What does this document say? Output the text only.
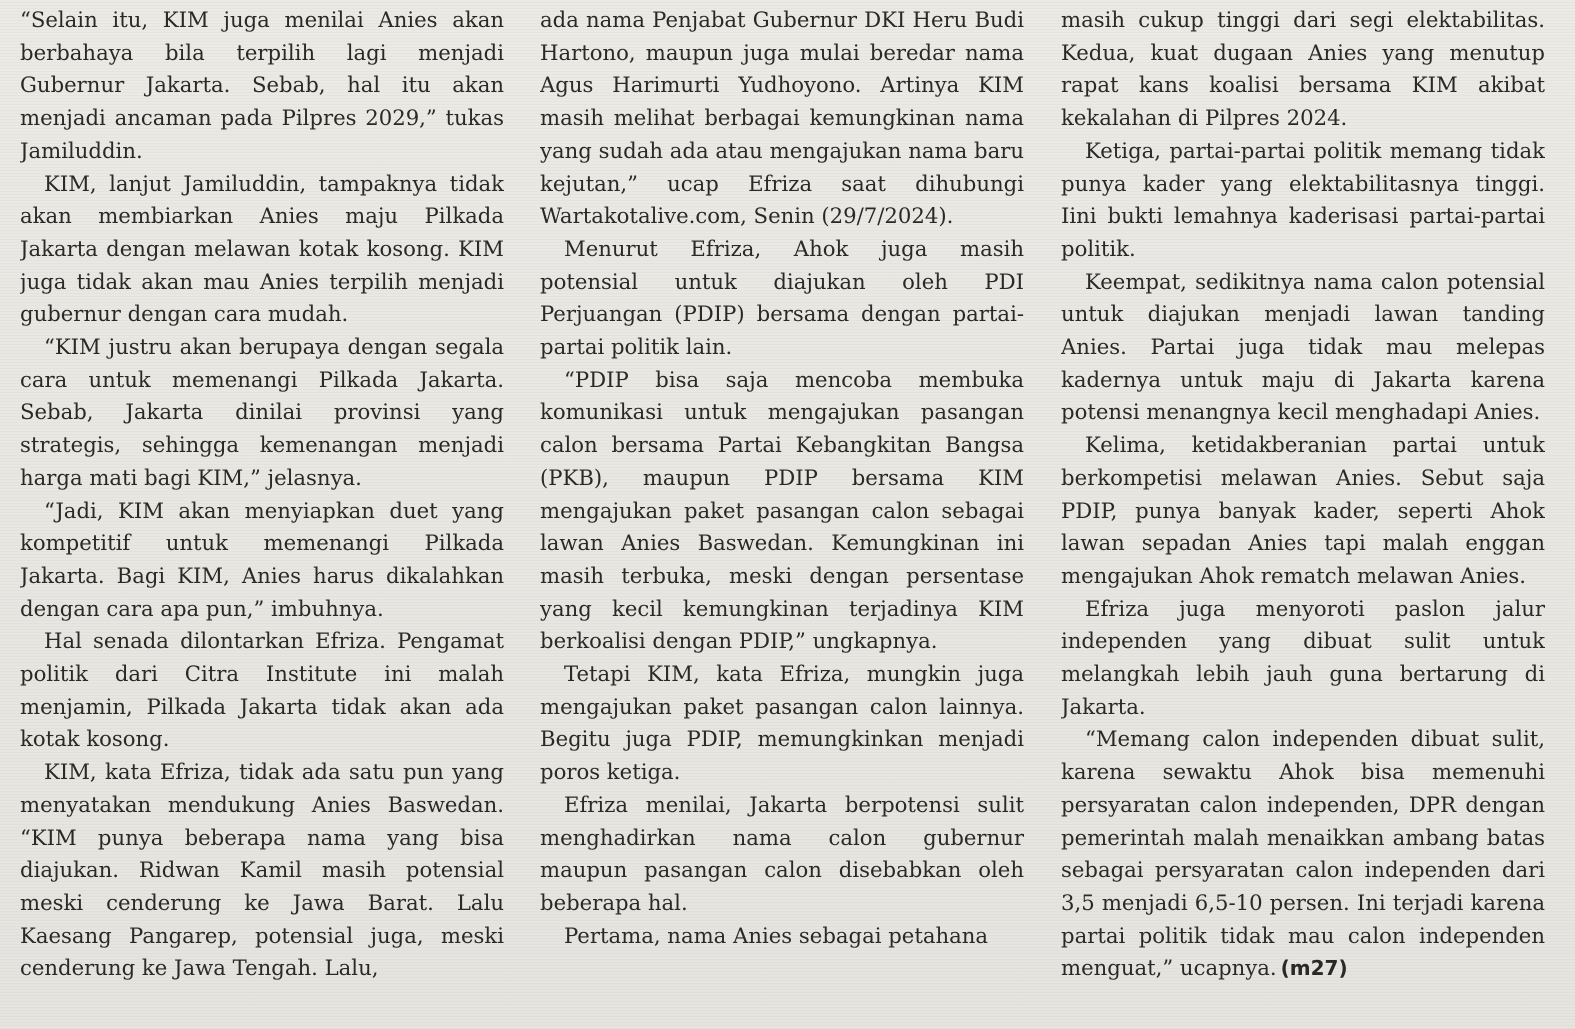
“Selain itu, KIM juga menilai Anies akan berbahaya bila terpilih lagi menjadi Gubernur Jakarta. Sebab, hal itu akan menjadi ancaman pada Pilpres 2029,” tukas Jamiluddin.

KIM, lanjut Jamiluddin, tampaknya tidak akan membiarkan Anies maju Pilkada Jakarta dengan melawan kotak kosong. KIM juga tidak akan mau Anies terpilih menjadi gubernur dengan cara mudah.

“KIM justru akan berupaya dengan segala cara untuk memenangi Pilkada Jakarta. Sebab, Jakarta dinilai provinsi yang strategis, sehingga kemenangan menjadi harga mati bagi KIM,” jelasnya.

“Jadi, KIM akan menyiapkan duet yang kompetitif untuk memenangi Pilkada Jakarta. Bagi KIM, Anies harus dikalahkan dengan cara apa pun,” imbuhnya.

Hal senada dilontarkan Efriza. Pengamat politik dari Citra Institute ini malah menjamin, Pilkada Jakarta tidak akan ada kotak kosong.

KIM, kata Efriza, tidak ada satu pun yang menyatakan mendukung Anies Baswedan. “KIM punya beberapa nama yang bisa diajukan. Ridwan Kamil masih potensial meski cenderung ke Jawa Barat. Lalu Kaesang Pangarep, potensial juga, meski cenderung ke Jawa Tengah. Lalu,

ada nama Penjabat Gubernur DKI Heru Budi Hartono, maupun juga mulai beredar nama Agus Harimurti Yudhoyono. Artinya KIM masih melihat berbagai kemungkinan nama yang sudah ada atau mengajukan nama baru kejutan,” ucap Efriza saat dihubungi Wartakotalive.com, Senin (29/7/2024).

Menurut Efriza, Ahok juga masih potensial untuk diajukan oleh PDI Perjuangan (PDIP) bersama dengan partai-partai politik lain.

“PDIP bisa saja mencoba membuka komunikasi untuk mengajukan pasangan calon bersama Partai Kebangkitan Bangsa (PKB), maupun PDIP bersama KIM mengajukan paket pasangan calon sebagai lawan Anies Baswedan. Kemungkinan ini masih terbuka, meski dengan persentase yang kecil kemungkinan terjadinya KIM berkoalisi dengan PDIP,” ungkapnya.

Tetapi KIM, kata Efriza, mungkin juga mengajukan paket pasangan calon lainnya. Begitu juga PDIP, memungkinkan menjadi poros ketiga.

Efriza menilai, Jakarta berpotensi sulit menghadirkan nama calon gubernur maupun pasangan calon disebabkan oleh beberapa hal.

Pertama, nama Anies sebagai petahana

masih cukup tinggi dari segi elektabilitas. Kedua, kuat dugaan Anies yang menutup rapat kans koalisi bersama KIM akibat kekalahan di Pilpres 2024.

Ketiga, partai-partai politik memang tidak punya kader yang elektabilitasnya tinggi. Iini bukti lemahnya kaderisasi partai-partai politik.

Keempat, sedikitnya nama calon potensial untuk diajukan menjadi lawan tanding Anies. Partai juga tidak mau melepas kadernya untuk maju di Jakarta karena potensi menangnya kecil menghadapi Anies.

Kelima, ketidakberanian partai untuk berkompetisi melawan Anies. Sebut saja PDIP, punya banyak kader, seperti Ahok lawan sepadan Anies tapi malah enggan mengajukan Ahok rematch melawan Anies.

Efriza juga menyoroti paslon jalur independen yang dibuat sulit untuk melangkah lebih jauh guna bertarung di Jakarta.

“Memang calon independen dibuat sulit, karena sewaktu Ahok bisa memenuhi persyaratan calon independen, DPR dengan pemerintah malah menaikkan ambang batas sebagai persyaratan calon independen dari 3,5 menjadi 6,5-10 persen. Ini terjadi karena partai politik tidak mau calon independen menguat,” ucapnya. (m27)
